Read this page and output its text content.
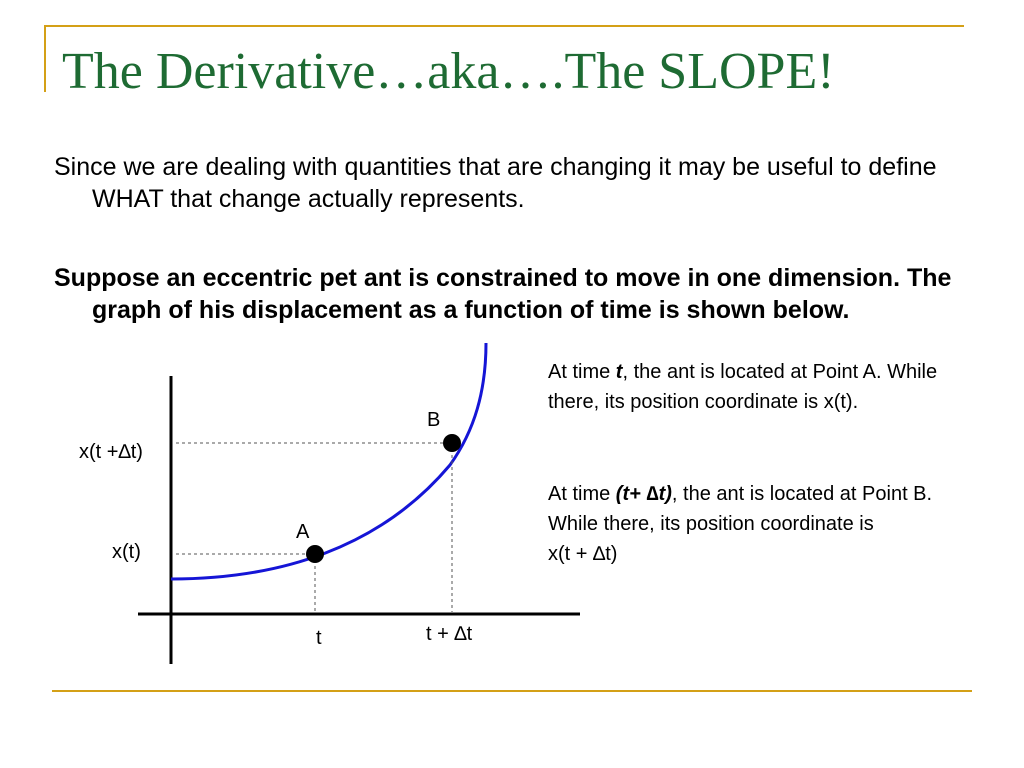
The Derivative…aka….The SLOPE!

Since we are dealing with quantities that are changing it may be useful to define WHAT that change actually represents.

Suppose an eccentric pet ant is constrained to move in one dimension. The graph of his displacement as a function of time is shown below.

A
B
x(t +∆t)
x(t)
t	t + ∆t

At time t, the ant is located at Point A. While there, its position coordinate is x(t).

At time (t+ ∆t), the ant is located at Point B. While there, its position coordinate is

x(t + ∆t)
